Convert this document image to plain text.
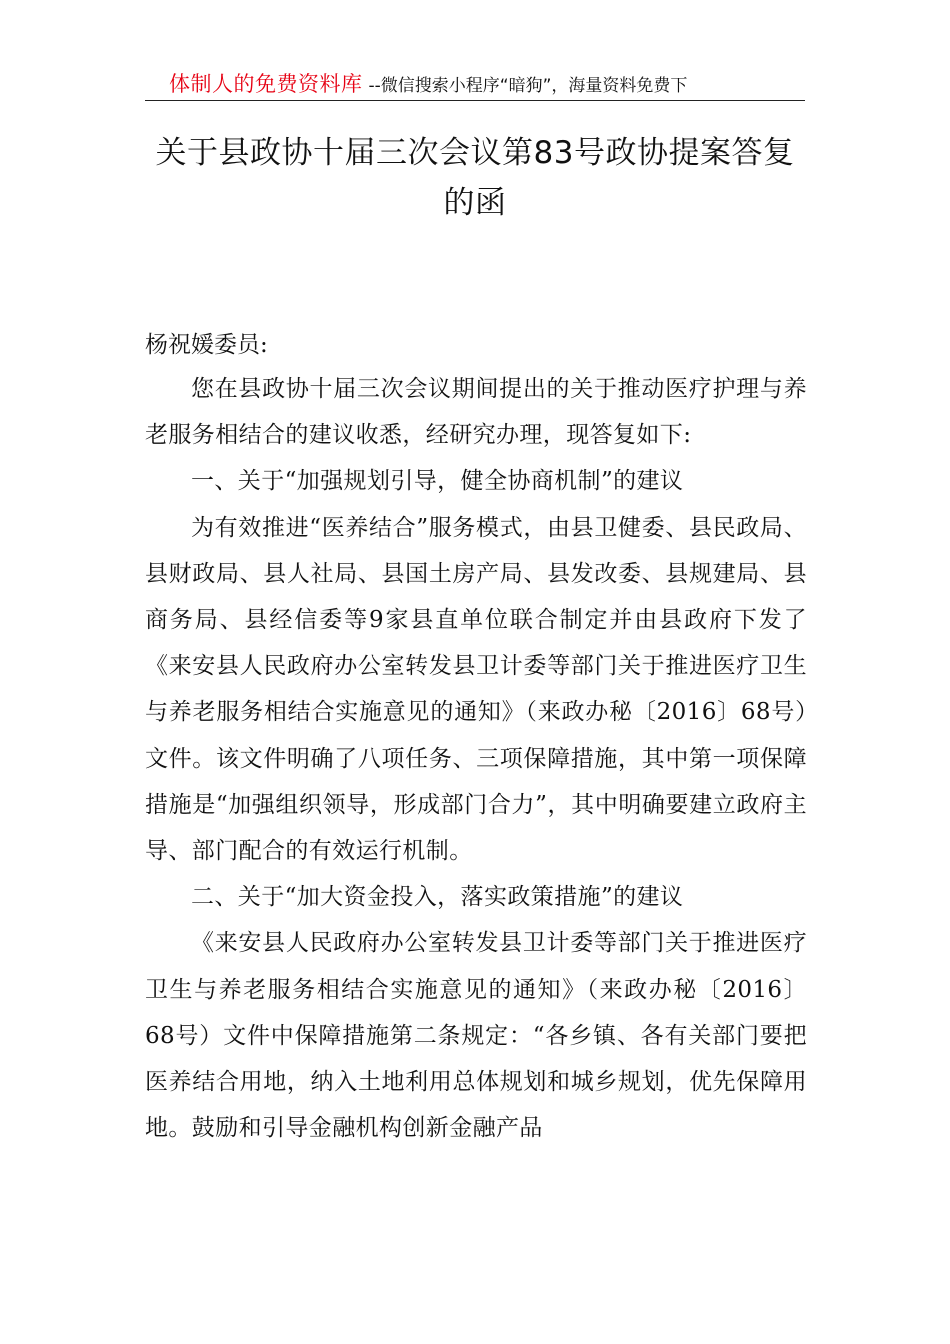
体制人的免费资料库 --微信搜索小程序“暗狗”，海量资料免费下
关于县政协十届三次会议第83号政协提案答复的函
杨祝媛委员:

您在县政协十届三次会议期间提出的关于推动医疗护理与养老服务相结合的建议收悉，经研究办理，现答复如下:

一、关于“加强规划引导，健全协商机制”的建议

为有效推进“医养结合”服务模式，由县卫健委、县民政局、县财政局、县人社局、县国土房产局、县发改委、县规建局、县商务局、县经信委等9家县直单位联合制定并由县政府下发了《来安县人民政府办公室转发县卫计委等部门关于推进医疗卫生与养老服务相结合实施意见的通知》（来政办秘〔2016〕68号）文件。该文件明确了八项任务、三项保障措施，其中第一项保障措施是“加强组织领导，形成部门合力”，其中明确要建立政府主导、部门配合的有效运行机制。

二、关于“加大资金投入，落实政策措施”的建议

《来安县人民政府办公室转发县卫计委等部门关于推进医疗卫生与养老服务相结合实施意见的通知》（来政办秘〔2016〕68号）文件中保障措施第二条规定：“各乡镇、各有关部门要把医养结合用地，纳入土地利用总体规划和城乡规划，优先保障用地。鼓励和引导金融机构创新金融产品
